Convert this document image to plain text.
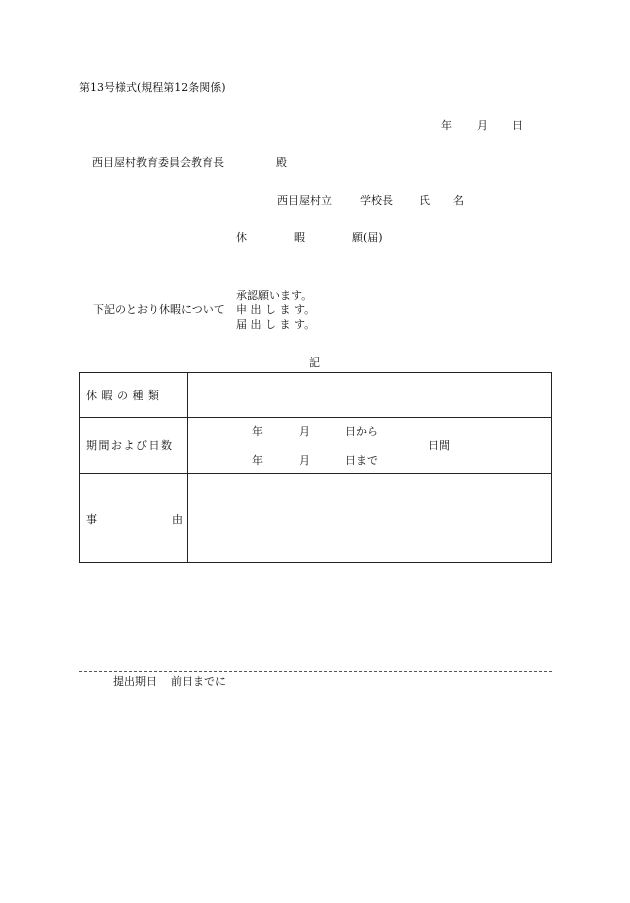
第13号様式(規程第12条関係)
年 月 日
西目屋村教育委員会教育長	殿
西目屋村立	学校長 氏 名
休	暇	願(届)
承認願います。
下記のとおり休暇について 申 出 し ま す。
届 出 し ま す。
記
休 暇 の 種 類
期間および日数
年	月	日から
日間
年	月	日まで
事	由
提出期日 前日までに
